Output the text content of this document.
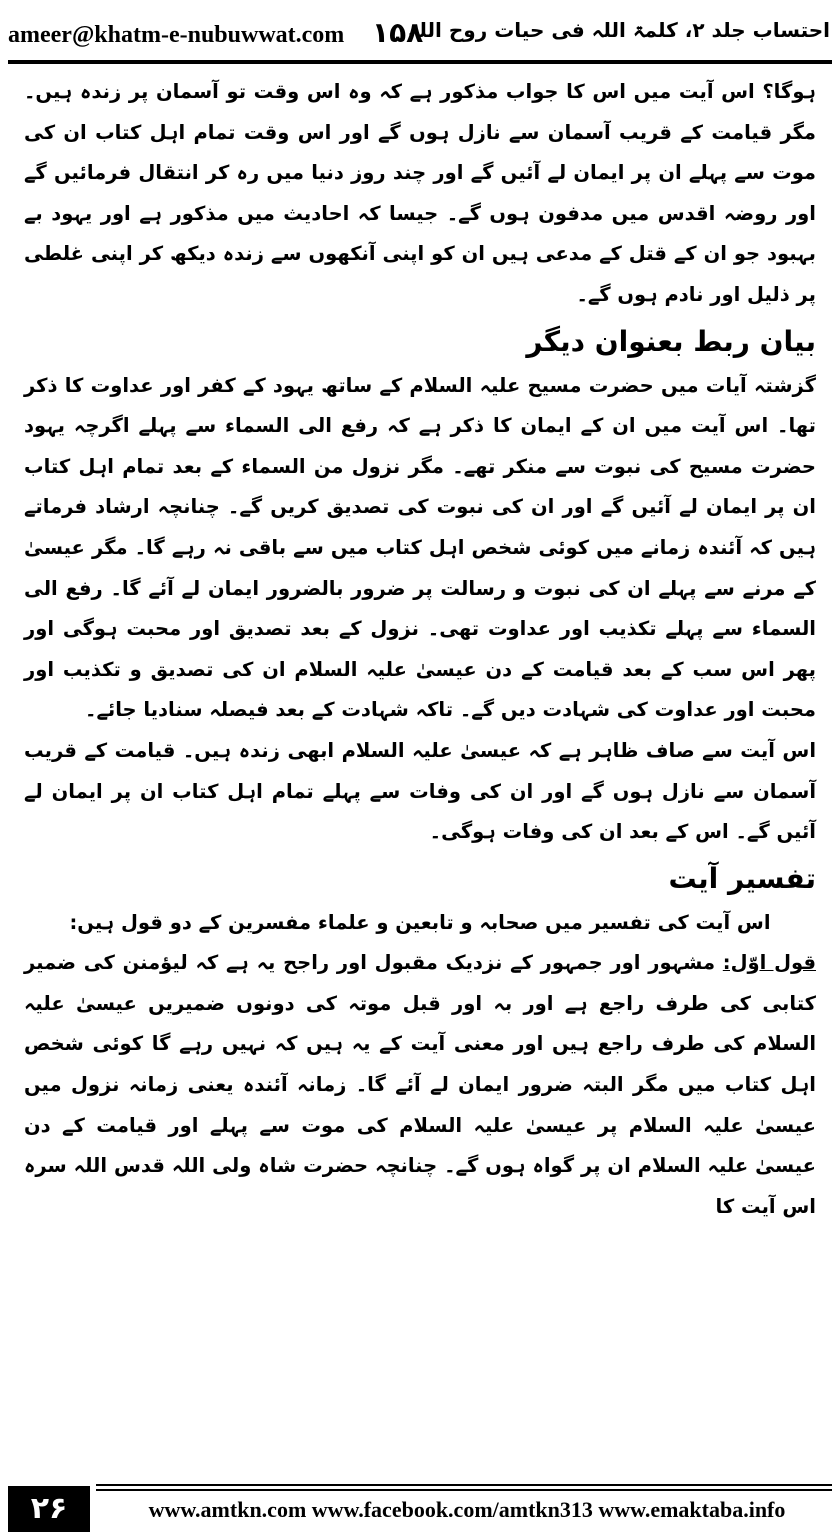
ameer@khatm-e-nubuwwat.com ۱۵۸
احتساب جلد ۲، کلمۃ اللہ فی حیات روح اللہ

ہوگا؟ اس آیت میں اس کا جواب مذکور ہے کہ وہ اس وقت تو آسمان پر زندہ ہیں۔ مگر قیامت کے قریب آسمان سے نازل ہوں گے اور اس وقت تمام اہل کتاب ان کی موت سے پہلے ان پر ایمان لے آئیں گے اور چند روز دنیا میں رہ کر انتقال فرمائیں گے اور روضہ اقدس میں مدفون ہوں گے۔ جیسا کہ احادیث میں مذکور ہے اور یہود بے بہبود جو ان کے قتل کے مدعی ہیں ان کو اپنی آنکھوں سے زندہ دیکھ کر اپنی غلطی پر ذلیل اور نادم ہوں گے۔

بیان ربط بعنوان دیگر

گزشتہ آیات میں حضرت مسیح علیہ السلام کے ساتھ یہود کے کفر اور عداوت کا ذکر تھا۔ اس آیت میں ان کے ایمان کا ذکر ہے کہ رفع الی السماء سے پہلے اگرچہ یہود حضرت مسیح کی نبوت سے منکر تھے۔ مگر نزول من السماء کے بعد تمام اہل کتاب ان پر ایمان لے آئیں گے اور ان کی نبوت کی تصدیق کریں گے۔ چنانچہ ارشاد فرماتے ہیں کہ آئندہ زمانے میں کوئی شخص اہل کتاب میں سے باقی نہ رہے گا۔ مگر عیسیٰ کے مرنے سے پہلے ان کی نبوت و رسالت پر ضرور بالضرور ایمان لے آئے گا۔ رفع الی السماء سے پہلے تکذیب اور عداوت تھی۔ نزول کے بعد تصدیق اور محبت ہوگی اور پھر اس سب کے بعد قیامت کے دن عیسیٰ علیہ السلام ان کی تصدیق و تکذیب اور محبت اور عداوت کی شہادت دیں گے۔ تاکہ شہادت کے بعد فیصلہ سنادیا جائے۔

اس آیت سے صاف ظاہر ہے کہ عیسیٰ علیہ السلام ابھی زندہ ہیں۔ قیامت کے قریب آسمان سے نازل ہوں گے اور ان کی وفات سے پہلے تمام اہل کتاب ان پر ایمان لے آئیں گے۔ اس کے بعد ان کی وفات ہوگی۔

تفسیر آیت

اس آیت کی تفسیر میں صحابہ و تابعین و علماء مفسرین کے دو قول ہیں:

قول اوّل: مشہور اور جمہور کے نزدیک مقبول اور راجح یہ ہے کہ لیؤمنن کی ضمیر کتابی کی طرف راجع ہے اور بہ اور قبل موتہ کی دونوں ضمیریں عیسیٰ علیہ السلام کی طرف راجع ہیں اور معنی آیت کے یہ ہیں کہ نہیں رہے گا کوئی شخص اہل کتاب میں مگر البتہ ضرور ایمان لے آئے گا۔ زمانہ آئندہ یعنی زمانہ نزول میں عیسیٰ علیہ السلام پر عیسیٰ علیہ السلام کی موت سے پہلے اور قیامت کے دن عیسیٰ علیہ السلام ان پر گواہ ہوں گے۔ چنانچہ حضرت شاہ ولی اللہ قدس اللہ سرہ اس آیت کا

۲۶	www.amtkn.com www.facebook.com/amtkn313 www.emaktaba.info
